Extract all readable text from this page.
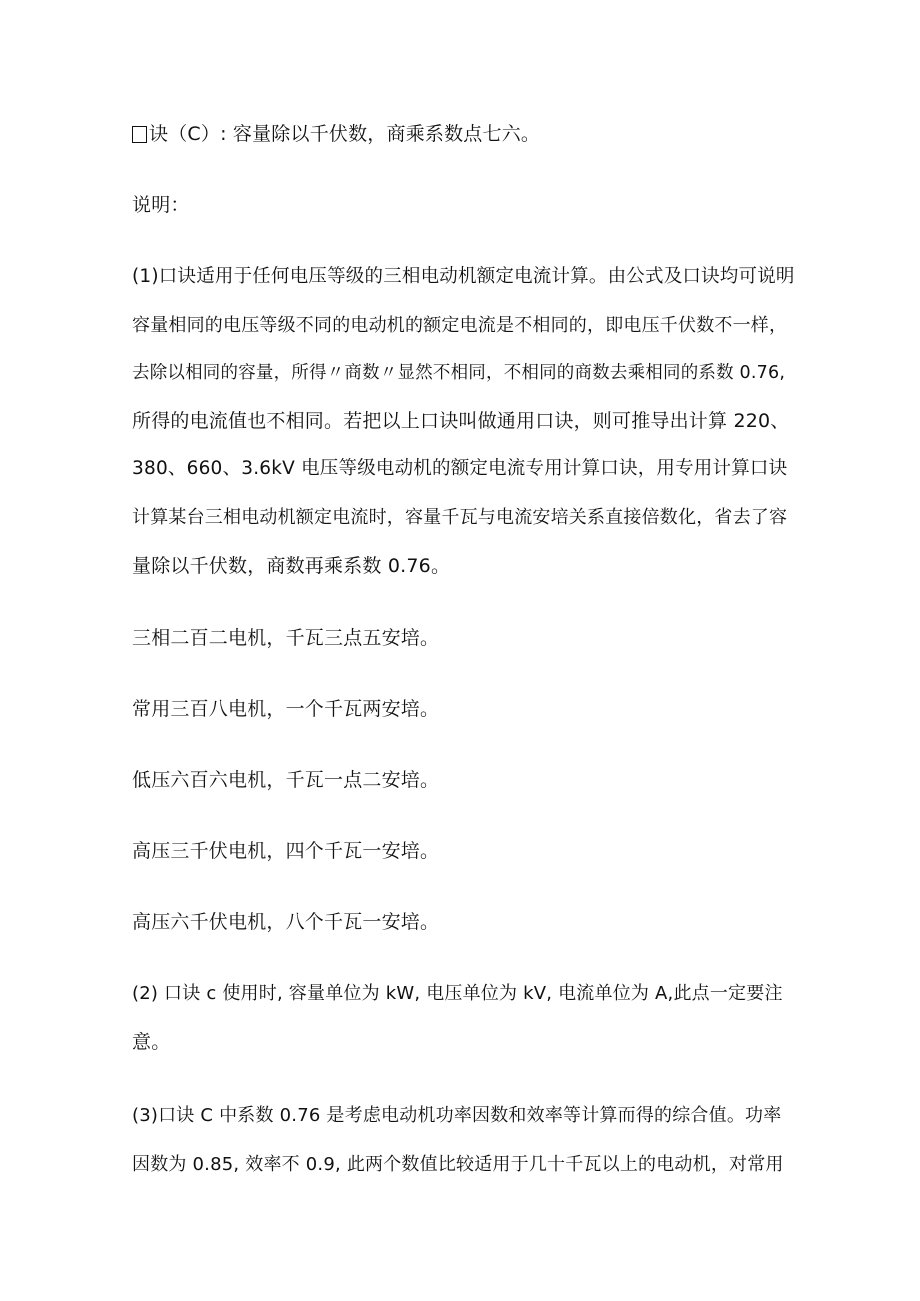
诀（C）: 容量除以千伏数，商乘系数点七六。
说明：
(1)口诀适用于任何电压等级的三相电动机额定电流计算。由公式及口诀均可说明
容量相同的电压等级不同的电动机的额定电流是不相同的，即电压千伏数不一样，
去除以相同的容量，所得〃商数〃显然不相同，不相同的商数去乘相同的系数 0.76,
所得的电流值也不相同。若把以上口诀叫做通用口诀，则可推导出计算 220、
380、660、3.6kV 电压等级电动机的额定电流专用计算口诀，用专用计算口诀
计算某台三相电动机额定电流时，容量千瓦与电流安培关系直接倍数化，省去了容
量除以千伏数，商数再乘系数 0.76。
三相二百二电机，千瓦三点五安培。
常用三百八电机，一个千瓦两安培。
低压六百六电机，千瓦一点二安培。
高压三千伏电机，四个千瓦一安培。
高压六千伏电机，八个千瓦一安培。
(2) 口诀 c 使用时, 容量单位为 kW, 电压单位为 kV, 电流单位为 A,此点一定要注
意。
(3)口诀 C 中系数 0.76 是考虑电动机功率因数和效率等计算而得的综合值。功率
因数为 0.85, 效率不 0.9, 此两个数值比较适用于几十千瓦以上的电动机，对常用
